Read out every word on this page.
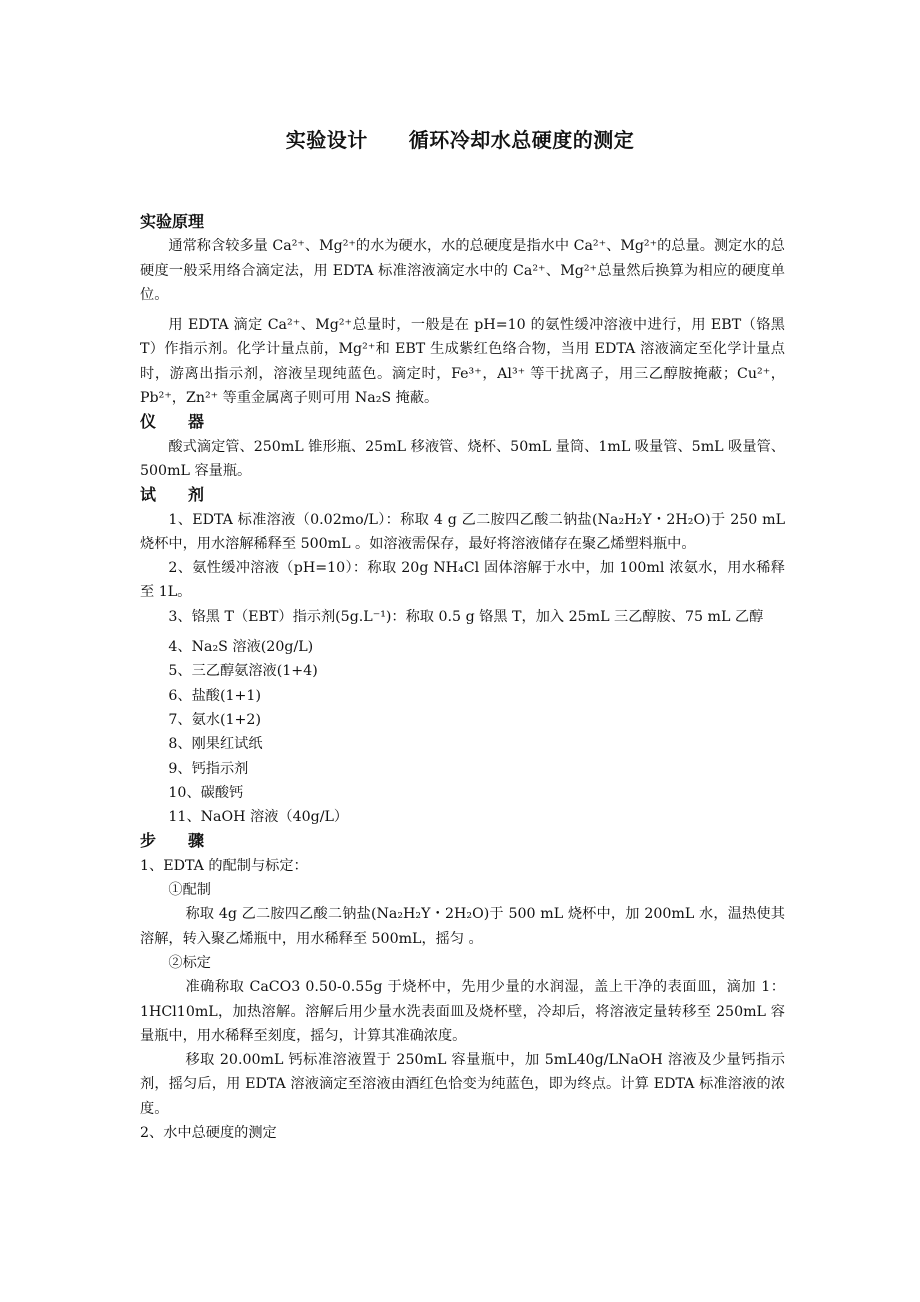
实验设计　　循环冷却水总硬度的测定
实验原理

通常称含较多量 Ca²⁺、Mg²⁺的水为硬水，水的总硬度是指水中 Ca²⁺、Mg²⁺的总量。测定水的总硬度一般采用络合滴定法，用 EDTA 标准溶液滴定水中的 Ca²⁺、Mg²⁺总量然后换算为相应的硬度单位。

用 EDTA 滴定 Ca²⁺、Mg²⁺总量时，一般是在 pH=10 的氨性缓冲溶液中进行，用 EBT（铬黑 T）作指示剂。化学计量点前，Mg²⁺和 EBT 生成紫红色络合物，当用 EDTA 溶液滴定至化学计量点时，游离出指示剂，溶液呈现纯蓝色。滴定时，Fe³⁺，Al³⁺ 等干扰离子，用三乙醇胺掩蔽；Cu²⁺，Pb²⁺，Zn²⁺ 等重金属离子则可用 Na₂S 掩蔽。

仪　　器

酸式滴定管、250mL 锥形瓶、25mL 移液管、烧杯、50mL 量筒、1mL 吸量管、5mL 吸量管、500mL 容量瓶。

试　　剂

1、EDTA 标准溶液（0.02mo/L）：称取 4 g 乙二胺四乙酸二钠盐(Na₂H₂Y・2H₂O)于 250 mL 烧杯中，用水溶解稀释至 500mL 。如溶液需保存，最好将溶液储存在聚乙烯塑料瓶中。

2、氨性缓冲溶液（pH=10）：称取 20g NH₄Cl 固体溶解于水中，加 100ml 浓氨水，用水稀释至 1L。

3、铬黑 T（EBT）指示剂(5g.L⁻¹)：称取 0.5 g 铬黑 T，加入 25mL 三乙醇胺、75 mL 乙醇

4、Na₂S 溶液(20g/L)

5、三乙醇氨溶液(1+4)

6、盐酸(1+1)

7、氨水(1+2)

8、刚果红试纸

9、钙指示剂

10、碳酸钙

11、NaOH 溶液（40g/L）

步　　骤

1、EDTA 的配制与标定：

①配制

称取 4g 乙二胺四乙酸二钠盐(Na₂H₂Y・2H₂O)于 500 mL 烧杯中，加 200mL 水，温热使其溶解，转入聚乙烯瓶中，用水稀释至 500mL，摇匀 。

②标定

准确称取 CaCO3 0.50-0.55g 于烧杯中，先用少量的水润湿，盖上干净的表面皿，滴加 1：1HCl10mL，加热溶解。溶解后用少量水洗表面皿及烧杯壁，冷却后，将溶液定量转移至 250mL 容量瓶中，用水稀释至刻度，摇匀，计算其准确浓度。

移取 20.00mL 钙标准溶液置于 250mL 容量瓶中，加 5mL40g/LNaOH 溶液及少量钙指示剂，摇匀后，用 EDTA 溶液滴定至溶液由酒红色恰变为纯蓝色，即为终点。计算 EDTA 标准溶液的浓度。

2、水中总硬度的测定
